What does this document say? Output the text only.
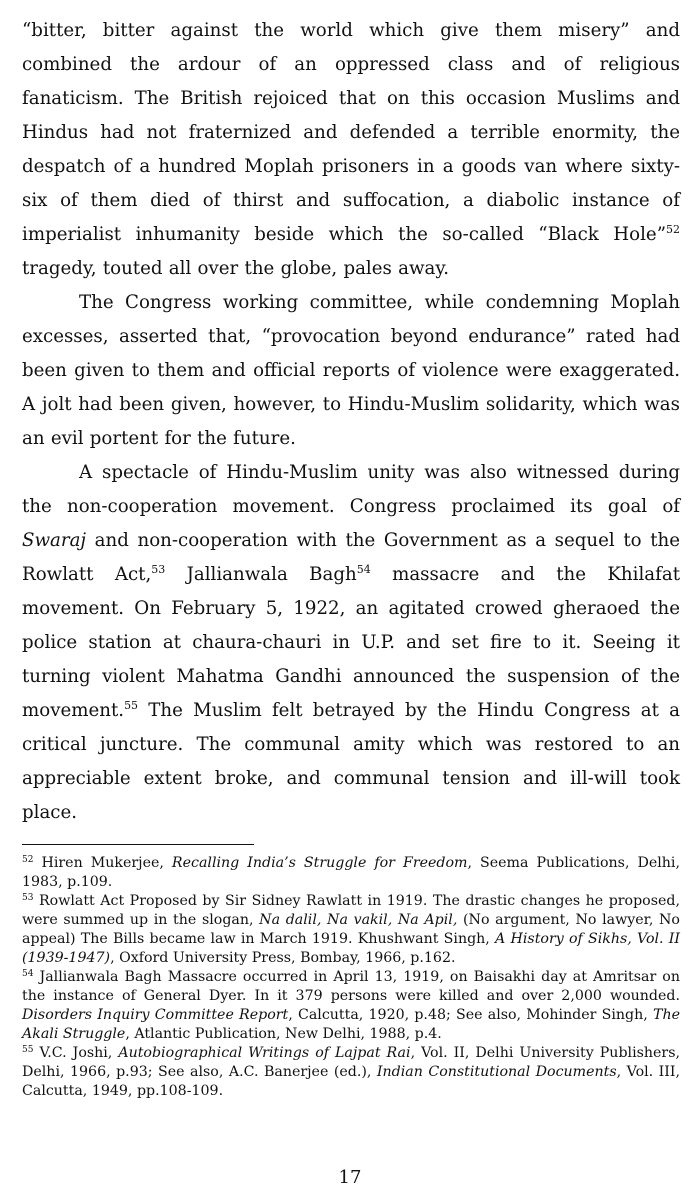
“bitter, bitter against the world which give them misery” and combined the ardour of an oppressed class and of religious fanaticism. The British rejoiced that on this occasion Muslims and Hindus had not fraternized and defended a terrible enormity, the despatch of a hundred Moplah prisoners in a goods van where sixty-six of them died of thirst and suffocation, a diabolic instance of imperialist inhumanity beside which the so-called “Black Hole”$^{52}$ tragedy, touted all over the globe, pales away.

The Congress working committee, while condemning Moplah excesses, asserted that, “provocation beyond endurance” rated had been given to them and official reports of violence were exaggerated. A jolt had been given, however, to Hindu-Muslim solidarity, which was an evil portent for the future.

A spectacle of Hindu-Muslim unity was also witnessed during the non-cooperation movement. Congress proclaimed its goal of Swaraj and non-cooperation with the Government as a sequel to the Rowlatt Act,$^{53}$ Jallianwala Bagh$^{54}$ massacre and the Khilafat movement. On February 5, 1922, an agitated crowed gheraoed the police station at chaura-chauri in U.P. and set fire to it. Seeing it turning violent Mahatma Gandhi announced the suspension of the movement.$^{55}$ The Muslim felt betrayed by the Hindu Congress at a critical juncture. The communal amity which was restored to an appreciable extent broke, and communal tension and ill-will took place.

$^{52}$ Hiren Mukerjee, Recalling India’s Struggle for Freedom, Seema Publications, Delhi, 1983, p.109.

$^{53}$ Rowlatt Act Proposed by Sir Sidney Rawlatt in 1919. The drastic changes he proposed, were summed up in the slogan, Na dalil, Na vakil, Na Apil, (No argument, No lawyer, No appeal) The Bills became law in March 1919. Khushwant Singh, A History of Sikhs, Vol. II (1939-1947), Oxford University Press, Bombay, 1966, p.162.

$^{54}$ Jallianwala Bagh Massacre occurred in April 13, 1919, on Baisakhi day at Amritsar on the instance of General Dyer. In it 379 persons were killed and over 2,000 wounded. Disorders Inquiry Committee Report, Calcutta, 1920, p.48; See also, Mohinder Singh, The Akali Struggle, Atlantic Publication, New Delhi, 1988, p.4.

$^{55}$ V.C. Joshi, Autobiographical Writings of Lajpat Rai, Vol. II, Delhi University Publishers, Delhi, 1966, p.93; See also, A.C. Banerjee (ed.), Indian Constitutional Documents, Vol. III, Calcutta, 1949, pp.108-109.

17
